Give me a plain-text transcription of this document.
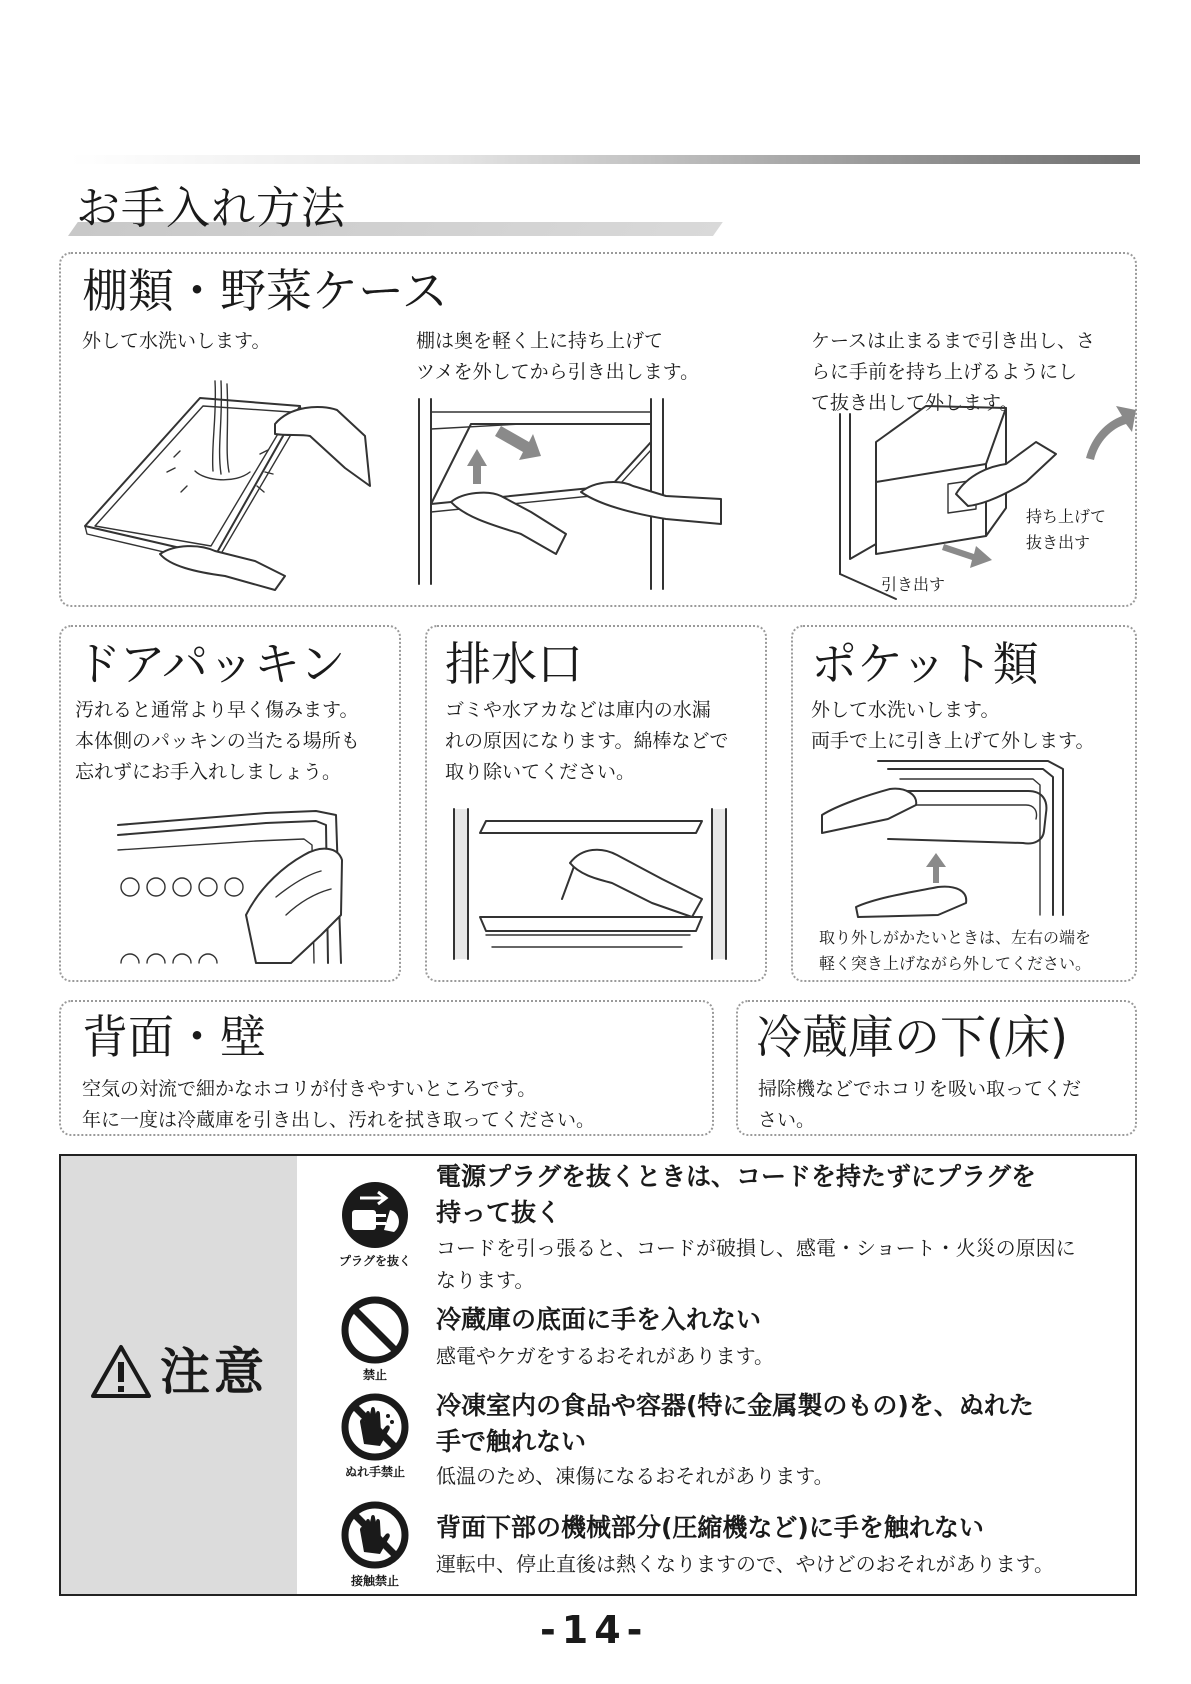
お手入れ方法
棚類・野菜ケース

外して水洗いします。	棚は奥を軽く上に持ち上げて
ツメを外してから引き出します。

ケースは止まるまで引き出し、さ
らに手前を持ち上げるようにし
て抜き出して外します。

持ち上げて
抜き出す

引き出す

ドアパッキン

汚れると通常より早く傷みます。
本体側のパッキンの当たる場所も
忘れずにお手入れしましょう。

排水口

ゴミや水アカなどは庫内の水漏
れの原因になります。綿棒などで
取り除いてください。

ポケット類

外して水洗いします。
両手で上に引き上げて外します。

取り外しがかたいときは、左右の端を
軽く突き上げながら外してください。

背面・壁

空気の対流で細かなホコリが付きやすいところです。
年に一度は冷蔵庫を引き出し、汚れを拭き取ってください。

冷蔵庫の下(床)

掃除機などでホコリを吸い取ってくだ
さい。

注意

プラグを抜く

電源プラグを抜くときは、コードを持たずにプラグを
持って抜く

コードを引っ張ると、コードが破損し、感電・ショート・火災の原因に
なります。

禁止

冷蔵庫の底面に手を入れない

感電やケガをするおそれがあります。

ぬれ手禁止

冷凍室内の食品や容器(特に金属製のもの)を、ぬれた
手で触れない

低温のため、凍傷になるおそれがあります。

接触禁止

背面下部の機械部分(圧縮機など)に手を触れない

運転中、停止直後は熱くなりますので、やけどのおそれがあります。

-14-
